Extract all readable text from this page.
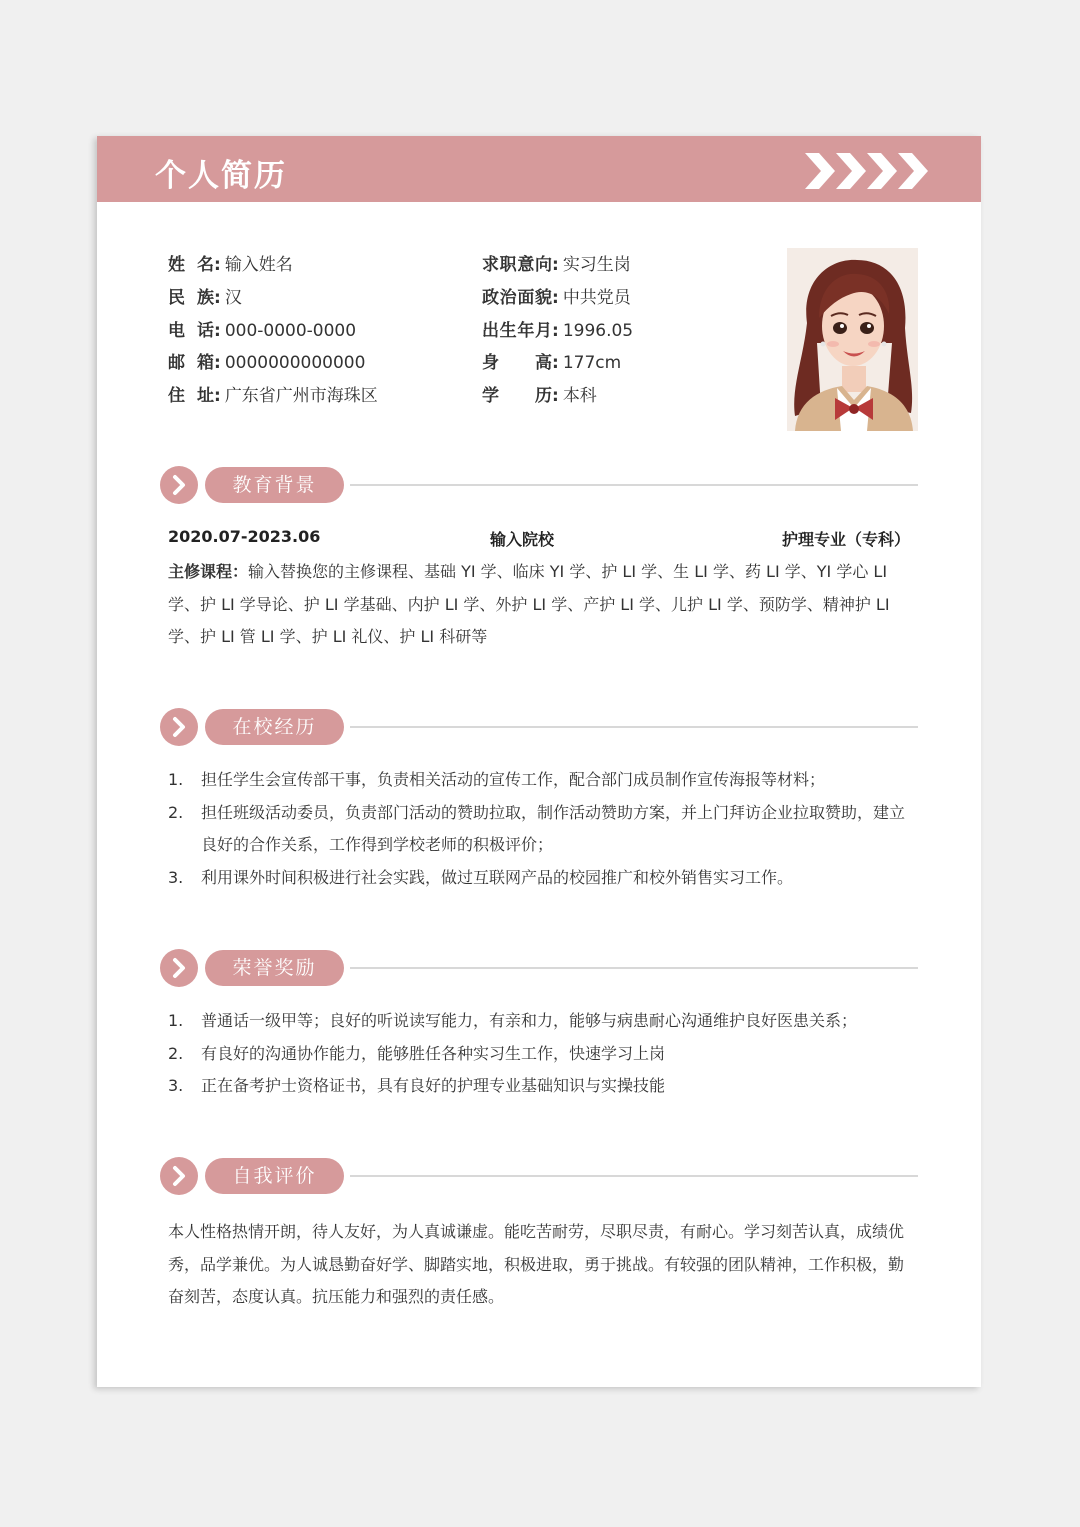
个人简历
姓名: 输入姓名
民族: 汉
电话: 000-0000-0000
邮箱: 0000000000000
住址: 广东省广州市海珠区
求职意向: 实习生岗
政治面貌: 中共党员
出生年月: 1996.05
身高: 177cm
学历: 本科
教育背景
2020.07-2023.06	输入院校	护理专业（专科）
主修课程：输入替换您的主修课程、基础 YI 学、临床 YI 学、护 LI 学、生 LI 学、药 LI 学、YI 学心 LI 学、护 LI 学导论、护 LI 学基础、内护 LI 学、外护 LI 学、产护 LI 学、儿护 LI 学、预防学、精神护 LI 学、护 LI 管 LI 学、护 LI 礼仪、护 LI 科研等
在校经历
1. 担任学生会宣传部干事，负责相关活动的宣传工作，配合部门成员制作宣传海报等材料；
2. 担任班级活动委员，负责部门活动的赞助拉取，制作活动赞助方案，并上门拜访企业拉取赞助，建立良好的合作关系，工作得到学校老师的积极评价；
3. 利用课外时间积极进行社会实践，做过互联网产品的校园推广和校外销售实习工作。
荣誉奖励
1. 普通话一级甲等；良好的听说读写能力，有亲和力，能够与病患耐心沟通维护良好医患关系；
2. 有良好的沟通协作能力，能够胜任各种实习生工作，快速学习上岗
3. 正在备考护士资格证书，具有良好的护理专业基础知识与实操技能
自我评价
本人性格热情开朗，待人友好，为人真诚谦虚。能吃苦耐劳，尽职尽责，有耐心。学习刻苦认真，成绩优秀，品学兼优。为人诚恳勤奋好学、脚踏实地，积极进取，勇于挑战。有较强的团队精神，工作积极，勤奋刻苦，态度认真。抗压能力和强烈的责任感。
